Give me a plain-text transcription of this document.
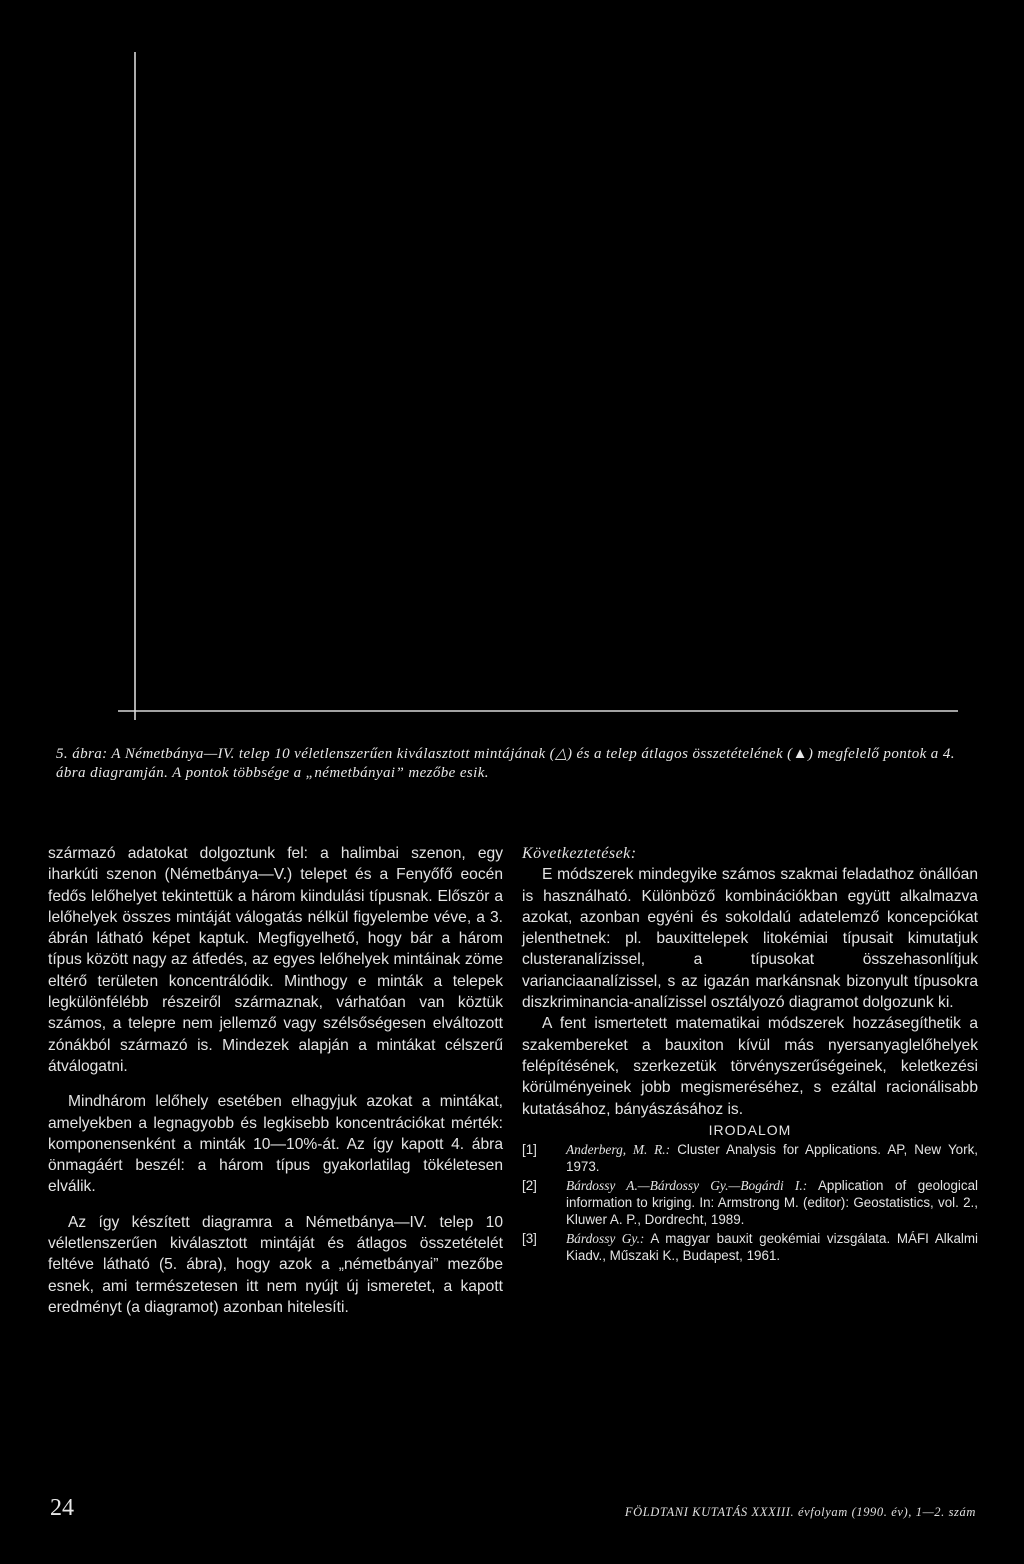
5. ábra: A Németbánya—IV. telep 10 véletlenszerűen kiválasztott mintájának (△) és a telep átlagos összetételének (▲) megfelelő pontok a 4. ábra diagramján. A pontok többsége a „németbányai” mezőbe esik.

származó adatokat dolgoztunk fel: a halimbai szenon, egy iharkúti szenon (Németbánya—V.) telepet és a Fenyőfő eocén fedős lelőhelyet tekintettük a három kiindulási típusnak. Először a lelőhelyek összes mintáját válogatás nélkül figyelembe véve, a 3. ábrán látható képet kaptuk. Megfigyelhető, hogy bár a három típus között nagy az átfedés, az egyes lelőhelyek mintáinak zöme eltérő területen koncentrálódik. Minthogy e minták a telepek legkülönfélébb részeiről származnak, várhatóan van köztük számos, a telepre nem jellemző vagy szélsőségesen elváltozott zónákból származó is. Mindezek alapján a mintákat célszerű átválogatni.

Mindhárom lelőhely esetében elhagyjuk azokat a mintákat, amelyekben a legnagyobb és legkisebb koncentrációkat mérték: komponensenként a minták 10—10%-át. Az így kapott 4. ábra önmagáért beszél: a három típus gyakorlatilag tökéletesen elválik.

Az így készített diagramra a Németbánya—IV. telep 10 véletlenszerűen kiválasztott mintáját és átlagos összetételét feltéve látható (5. ábra), hogy azok a „németbányai” mezőbe esnek, ami természetesen itt nem nyújt új ismeretet, a kapott eredményt (a diagramot) azonban hitelesíti.

Következtetések:

E módszerek mindegyike számos szakmai feladathoz önállóan is használható. Különböző kombinációkban együtt alkalmazva azokat, azonban egyéni és sokoldalú adatelemző koncepciókat jelenthetnek: pl. bauxittelepek litokémiai típusait kimutatjuk clusteranalízissel, a típusokat összehasonlítjuk varianciaanalízissel, s az igazán markánsnak bizonyult típusokra diszkriminancia-analízissel osztályozó diagramot dolgozunk ki.

A fent ismertetett matematikai módszerek hozzásegíthetik a szakembereket a bauxiton kívül más nyersanyaglelőhelyek felépítésének, szerkezetük törvényszerűségeinek, keletkezési körülményeinek jobb megismeréséhez, s ezáltal racionálisabb kutatásához, bányászásához is.

IRODALOM

[1]	Anderberg, M. R.: Cluster Analysis for Applications. AP, New York, 1973.
[2]	Bárdossy A.—Bárdossy Gy.—Bogárdi I.: Application of geological information to kriging. In: Armstrong M. (editor): Geostatistics, vol. 2., Kluwer A. P., Dordrecht, 1989.
[3]	Bárdossy Gy.: A magyar bauxit geokémiai vizsgálata. MÁFI Alkalmi Kiadv., Műszaki K., Budapest, 1961.
24	FÖLDTANI KUTATÁS XXXIII. évfolyam (1990. év), 1—2. szám
